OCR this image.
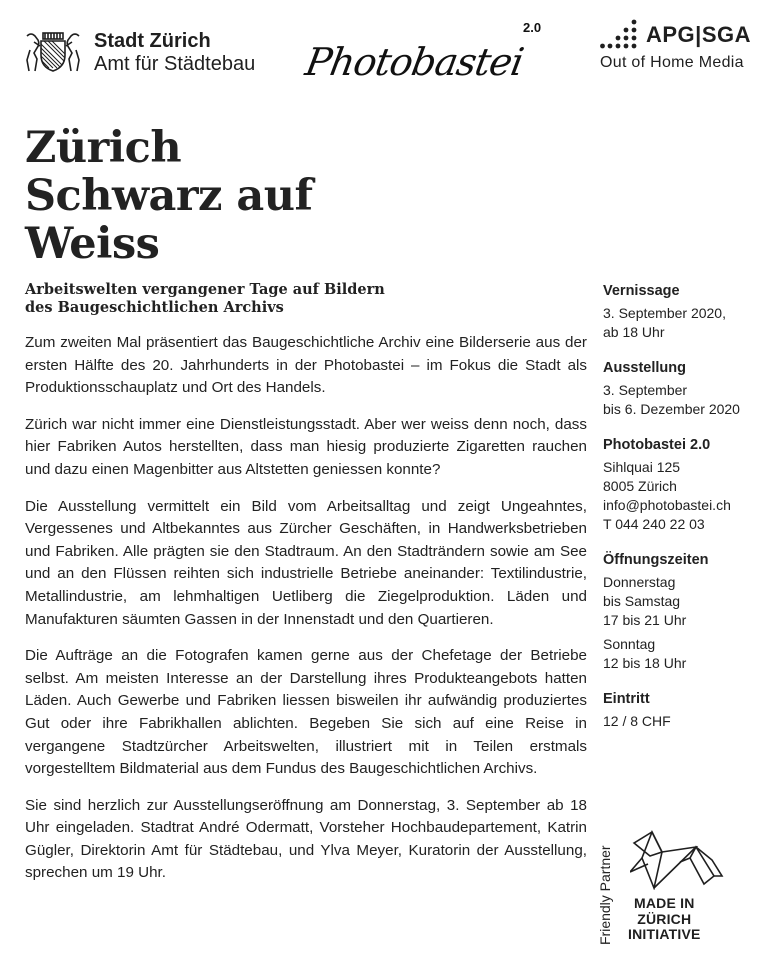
Stadt Zürich
Amt für Städtebau Photobastei
2.0	APG|SGA
Out of Home Media
Zürich
Schwarz auf
Weiss
Arbeitswelten vergangener Tage auf Bildern
des Baugeschichtlichen Archivs

Zum zweiten Mal präsentiert das Baugeschichtliche Archiv eine Bilderserie aus der ersten Hälfte des 20. Jahrhunderts in der Photobastei – im Fokus die Stadt als Produktionsschauplatz und Ort des Handels.

Zürich war nicht immer eine Dienstleistungsstadt. Aber wer weiss denn noch, dass hier Fabriken Autos herstellten, dass man hiesig produzierte Zigaretten rauchen und dazu einen Magenbitter aus Altstetten geniessen konnte?

Die Ausstellung vermittelt ein Bild vom Arbeitsalltag und zeigt Ungeahntes, Vergessenes und Altbekanntes aus Zürcher Geschäften, in Handwerksbetrieben und Fabriken. Alle prägten sie den Stadtraum. An den Stadträndern sowie am See und an den Flüssen reihten sich industrielle Betriebe aneinander: Textilindustrie, Metallindustrie, am lehmhaltigen Uetliberg die Ziegelproduktion. Läden und Manufakturen säumten Gassen in der Innenstadt und den Quartieren.

Die Aufträge an die Fotografen kamen gerne aus der Chefetage der Betriebe selbst. Am meisten Interesse an der Darstellung ihres Produkteangebots hatten Läden. Auch Gewerbe und Fabriken liessen bisweilen ihr aufwändig produziertes Gut oder ihre Fabrikhallen ablichten. Begeben Sie sich auf eine Reise in vergangene Stadtzürcher Arbeitswelten, illustriert mit in Teilen erstmals vorgestelltem Bildmaterial aus dem Fundus des Baugeschichtlichen Archivs.

Sie sind herzlich zur Ausstellungseröffnung am Donnerstag, 3. September ab 18 Uhr eingeladen. Stadtrat André Odermatt, Vorsteher Hochbaudepartement, Katrin Gügler, Direktorin Amt für Städtebau, und Ylva Meyer, Kuratorin der Ausstellung, sprechen um 19 Uhr.

Vernissage
3. September 2020,
ab 18 Uhr
Ausstellung
3. September
bis 6. Dezember 2020
Photobastei 2.0
Sihlquai 125
8005 Zürich
info@photobastei.ch
T 044 240 22 03
Öffnungszeiten
Donnerstag
bis Samstag
17 bis 21 Uhr
Sonntag
12 bis 18 Uhr
Eintritt
12 / 8 CHF
Friendly Partner	MADE IN
ZÜRICH
INITIATIVE
